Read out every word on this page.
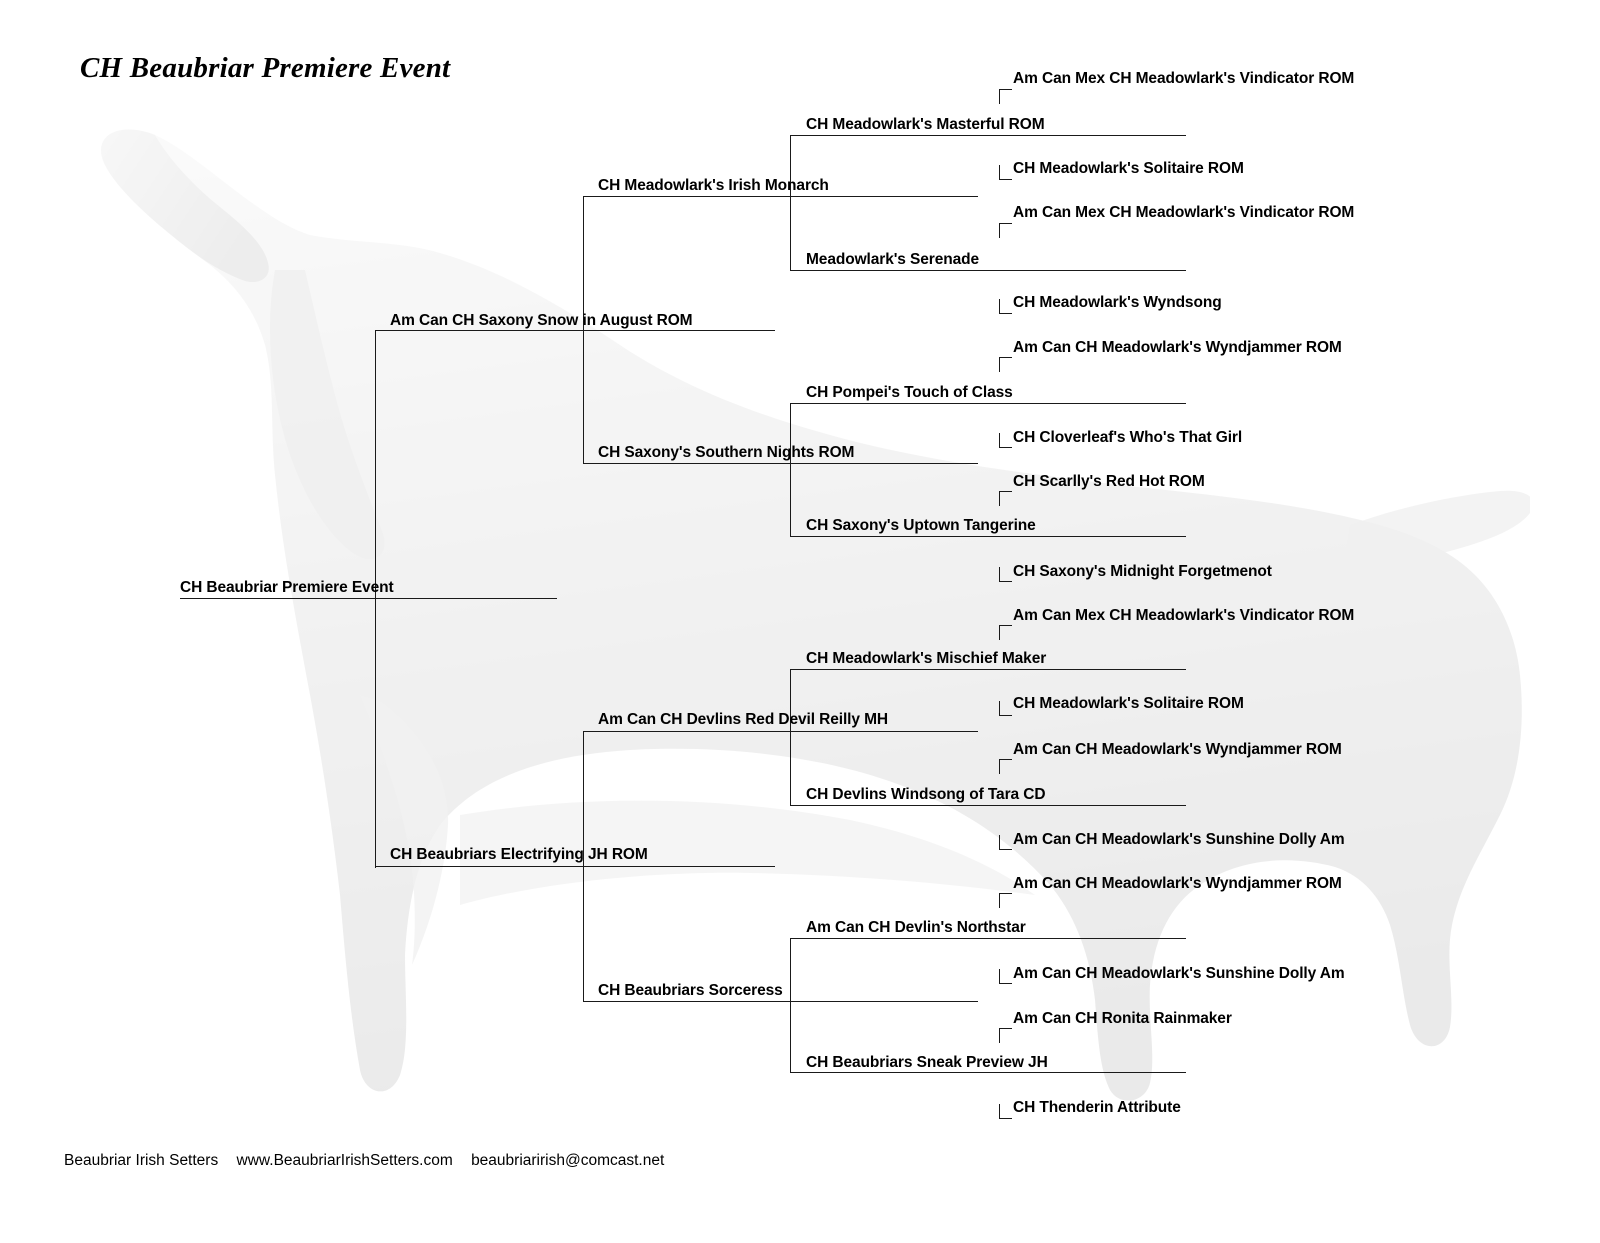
CH Beaubriar Premiere Event
CH Beaubriar Premiere Event
Am Can CH Saxony Snow in August ROM
CH Beaubriars Electrifying JH ROM
CH Meadowlark's Irish Monarch
CH Saxony's Southern Nights ROM
Am Can CH Devlins Red Devil Reilly MH
CH Beaubriars Sorceress
CH Meadowlark's Masterful ROM
Meadowlark's Serenade
CH Pompei's Touch of Class
CH Saxony's Uptown Tangerine
CH Meadowlark's Mischief Maker
CH Devlins Windsong of Tara CD
Am Can CH Devlin's Northstar
CH Beaubriars Sneak Preview JH
Am Can Mex CH Meadowlark's Vindicator ROM
CH Meadowlark's Solitaire ROM
Am Can Mex CH Meadowlark's Vindicator ROM
CH Meadowlark's Wyndsong
Am Can CH Meadowlark's Wyndjammer ROM
CH Cloverleaf's Who's That Girl
CH Scarlly's Red Hot ROM
CH Saxony's Midnight Forgetmenot
Am Can Mex CH Meadowlark's Vindicator ROM
CH Meadowlark's Solitaire ROM
Am Can CH Meadowlark's Wyndjammer ROM
Am Can CH Meadowlark's Sunshine Dolly Am
Am Can CH Meadowlark's Wyndjammer ROM
Am Can CH Meadowlark's Sunshine Dolly Am
Am Can CH Ronita Rainmaker
CH Thenderin Attribute
Beaubriar Irish Setters www.BeaubriarIrishSetters.com beaubriarirish@comcast.net
